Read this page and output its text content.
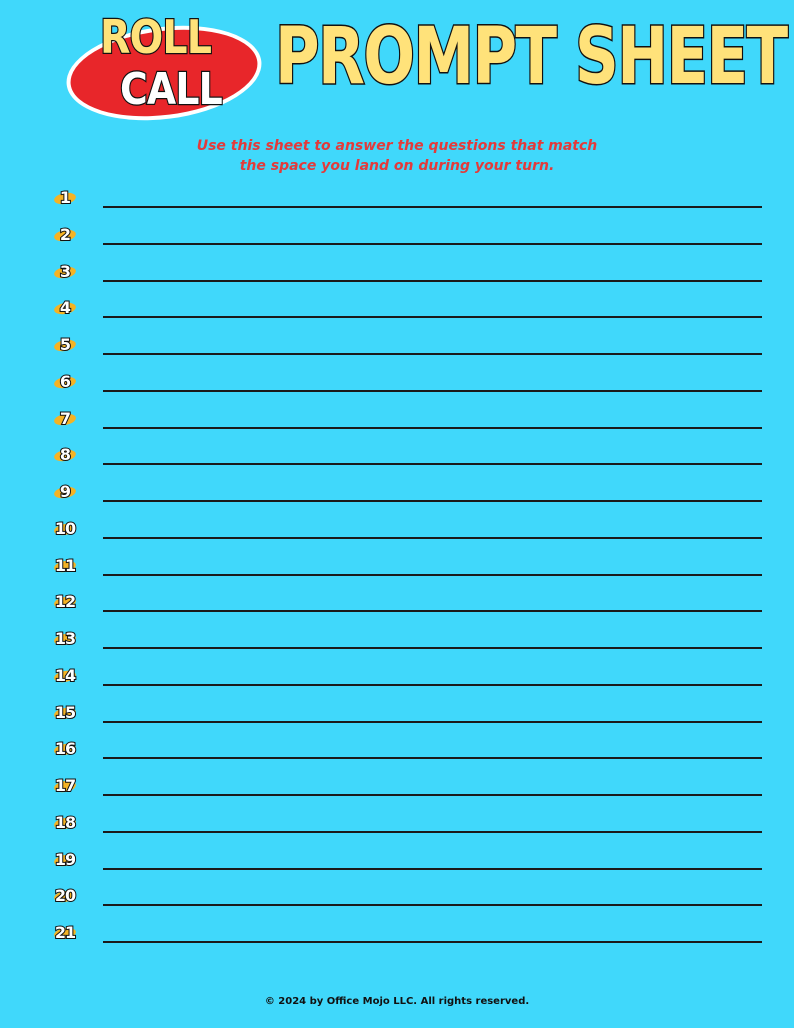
ROLL
CALL PROMPT SHEET
Use this sheet to answer the questions that match
the space you land on during your turn.
1
2
3
4
5
6
7
8
9
10
11
12
13
14
15
16
17
18
19
20
21
© 2024 by Office Mojo LLC. All rights reserved.
